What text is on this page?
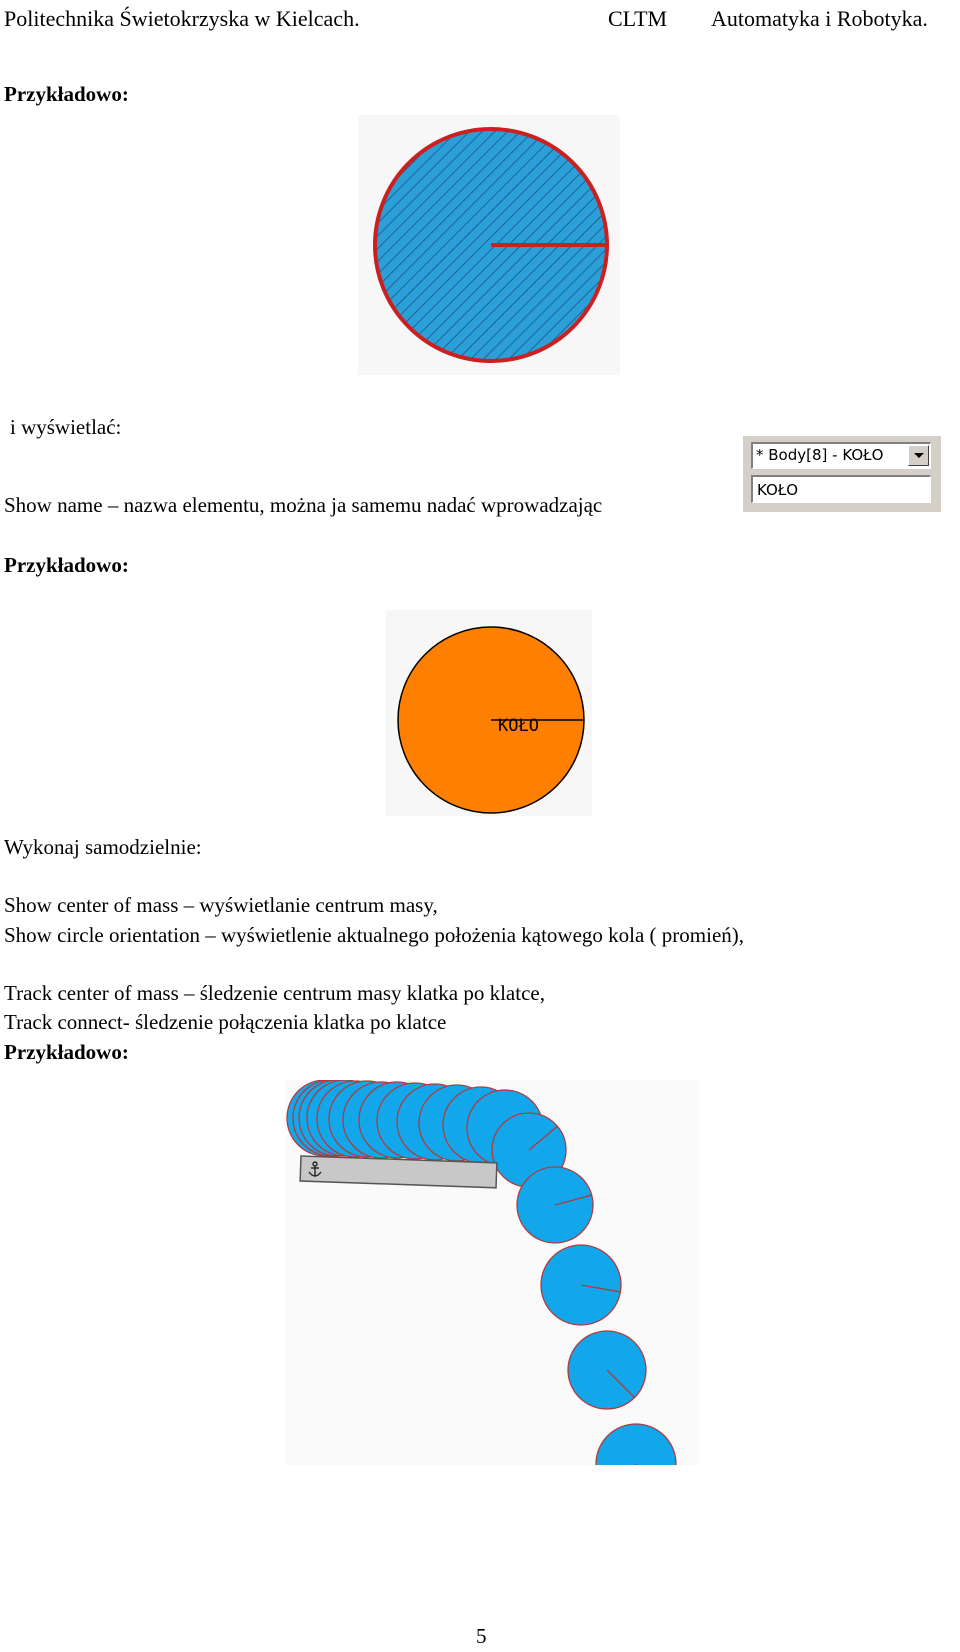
Politechnika Świetokrzyska w Kielcach.	CLTM Automatyka i Robotyka.
Przykładowo:
i wyświetlać:
Show name – nazwa elementu, można ja samemu nadać wprowadzając
* Body[8] - KOŁO
KOŁO
Przykładowo:
KOŁO
Wykonaj samodzielnie:
Show center of mass – wyświetlanie centrum masy,
Show circle orientation – wyświetlenie aktualnego położenia kątowego kola ( promień),
Track center of mass – śledzenie centrum masy klatka po klatce,
Track connect- śledzenie połączenia klatka po klatce
Przykładowo:
5
